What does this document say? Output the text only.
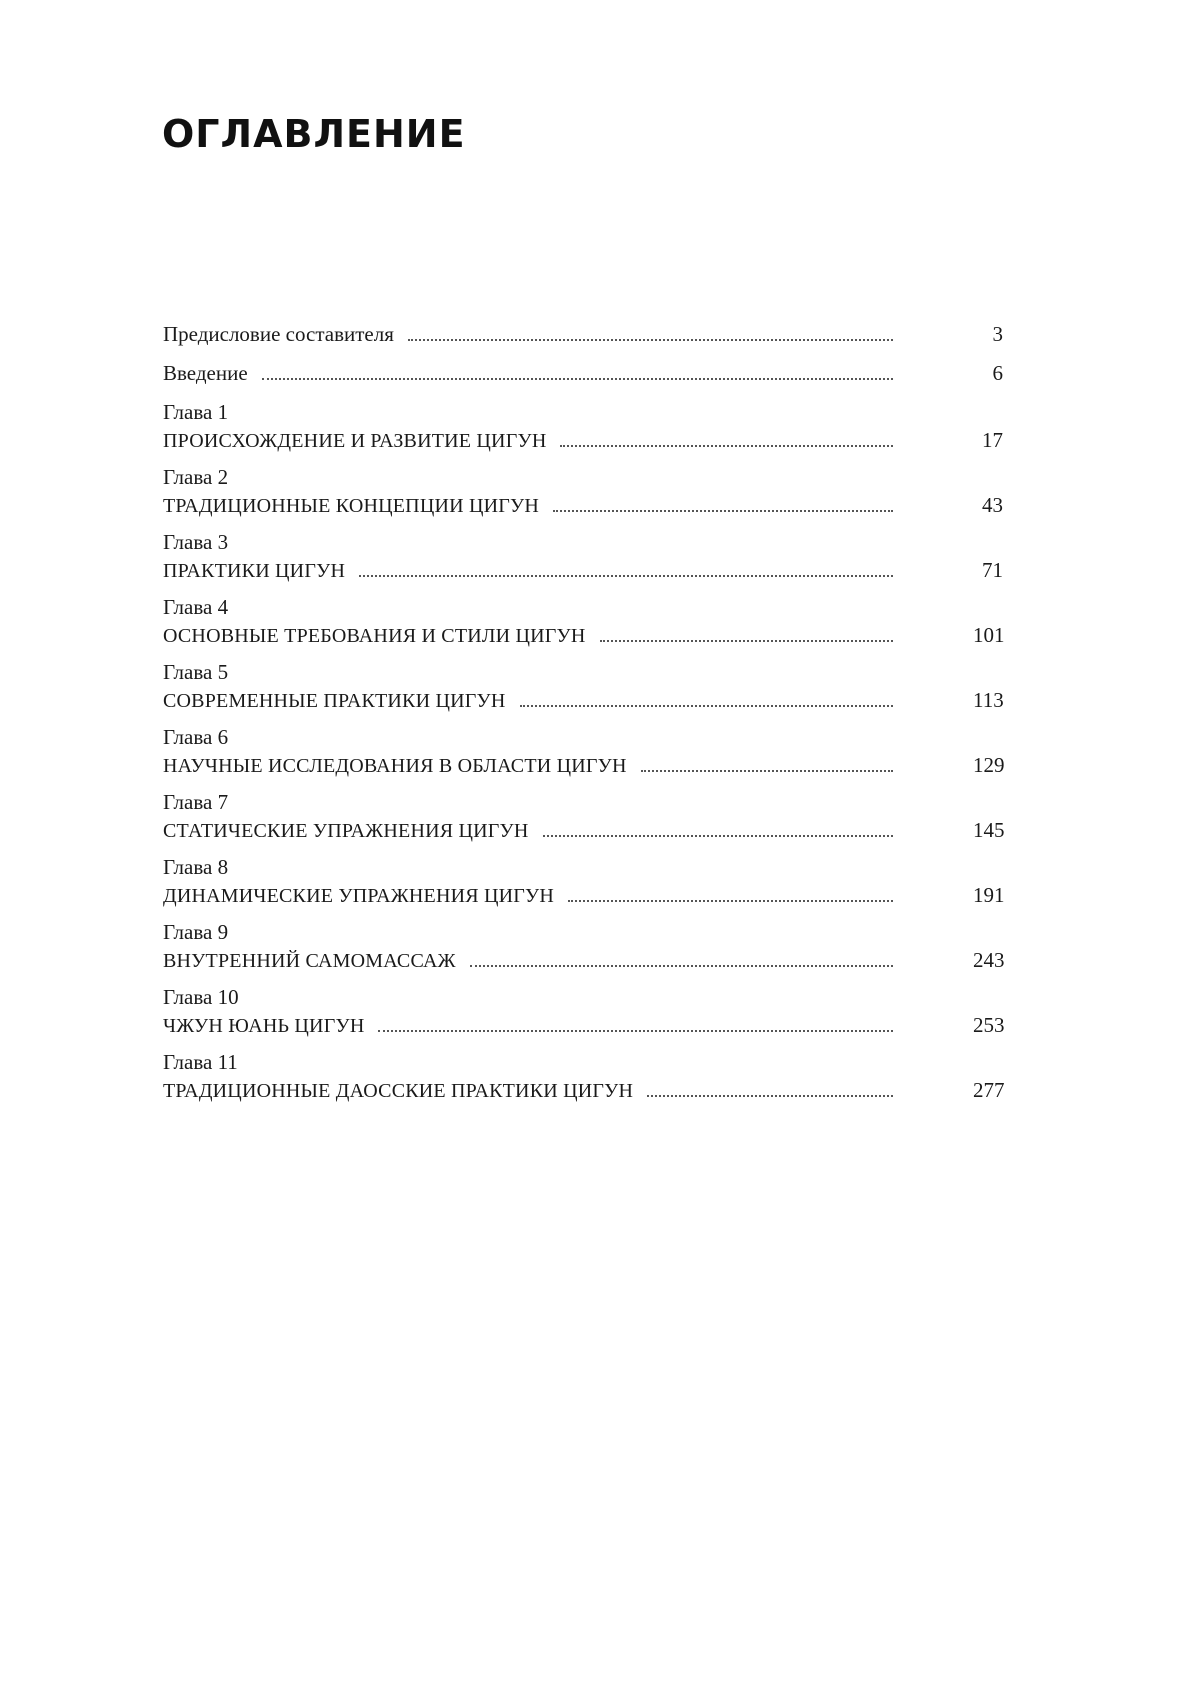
ОГЛАВЛЕНИЕ
Предисловие составителя	3
Введение	6
Глава 1
ПРОИСХОЖДЕНИЕ И РАЗВИТИЕ ЦИГУН	17
Глава 2
ТРАДИЦИОННЫЕ КОНЦЕПЦИИ ЦИГУН	43
Глава 3
ПРАКТИКИ ЦИГУН	71
Глава 4
ОСНОВНЫЕ ТРЕБОВАНИЯ И СТИЛИ ЦИГУН	101
Глава 5
СОВРЕМЕННЫЕ ПРАКТИКИ ЦИГУН	113
Глава 6
НАУЧНЫЕ ИССЛЕДОВАНИЯ В ОБЛАСТИ ЦИГУН	129
Глава 7
СТАТИЧЕСКИЕ УПРАЖНЕНИЯ ЦИГУН	145
Глава 8
ДИНАМИЧЕСКИЕ УПРАЖНЕНИЯ ЦИГУН	191
Глава 9
ВНУТРЕННИЙ САМОМАССАЖ	243
Глава 10
ЧЖУН ЮАНЬ ЦИГУН	253
Глава 11
ТРАДИЦИОННЫЕ ДАОССКИЕ ПРАКТИКИ ЦИГУН	277
